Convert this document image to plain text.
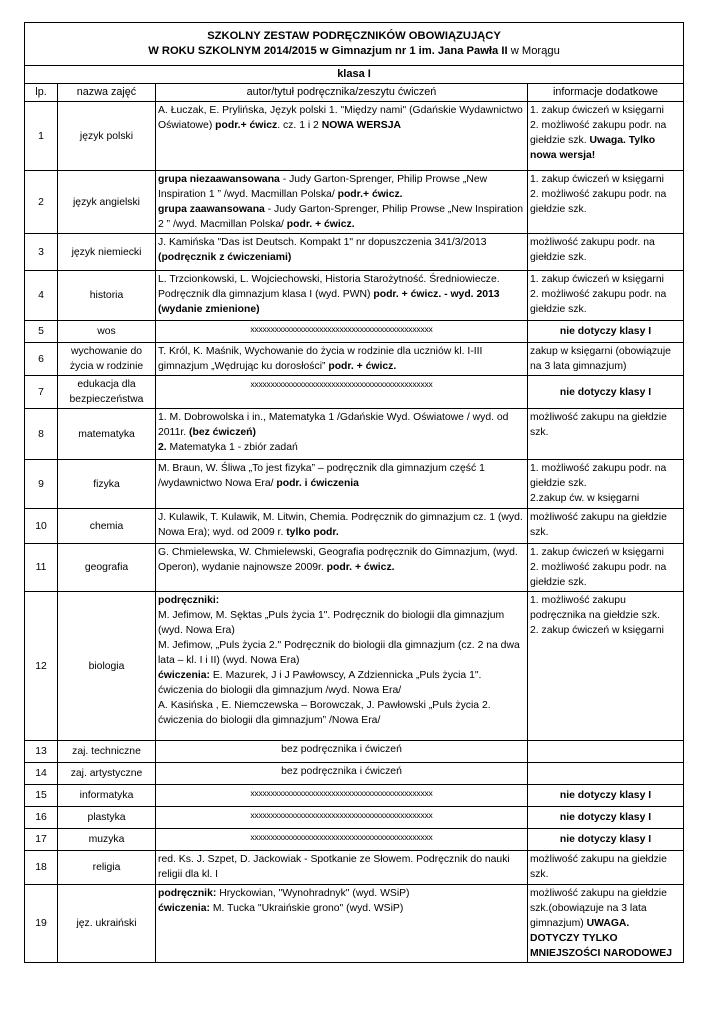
SZKOLNY ZESTAW PODRĘCZNIKÓW OBOWIĄZUJĄCY
W ROKU SZKOLNYM 2014/2015 w Gimnazjum nr 1 im. Jana Pawła II w Morągu			

klasa I			
lp.	nazwa zajęć	autor/tytuł podręcznika/zeszytu ćwiczeń	informacje dodatkowe
1	język polski	A. Łuczak, E. Prylińska, Język polski 1. "Między nami" (Gdańskie Wydawnictwo Oświatowe) podr.+ ćwicz. cz. 1 i 2 NOWA WERSJA	1. zakup ćwiczeń w księgarni
2. możliwość zakupu podr. na giełdzie szk. Uwaga. Tylko nowa wersja!
2	język angielski	grupa niezaawansowana - Judy Garton-Sprenger, Philip Prowse „New Inspiration 1 ” /wyd. Macmillan Polska/ podr.+ ćwicz.
grupa zaawansowana - Judy Garton-Sprenger, Philip Prowse „New Inspiration 2 ” /wyd. Macmillan Polska/ podr. + ćwicz.	1. zakup ćwiczeń w księgarni
2. możliwość zakupu podr. na giełdzie szk.
3	język niemiecki	J. Kamińska "Das ist Deutsch. Kompakt 1" nr dopuszczenia 341/3/2013 (podręcznik z ćwiczeniami)	możliwość zakupu podr. na giełdzie szk.
4	historia	L. Trzcionkowski, L. Wojciechowski, Historia Starożytność. Średniowiecze. Podręcznik dla gimnazjum klasa I (wyd. PWN) podr. + ćwicz. - wyd. 2013 (wydanie zmienione)	1. zakup ćwiczeń w księgarni
2. możliwość zakupu podr. na giełdzie szk.
5	wos	xxxxxxxxxxxxxxxxxxxxxxxxxxxxxxxxxxxxxxxxxxxxx	nie dotyczy klasy I
6	wychowanie do życia w rodzinie	T. Król, K. Maśnik, Wychowanie do życia w rodzinie dla uczniów kl. I-III gimnazjum „Wędrując ku dorosłości” podr. + ćwicz.	zakup w księgarni (obowiązuje na 3 lata gimnazjum)
7	edukacja dla bezpieczeństwa	xxxxxxxxxxxxxxxxxxxxxxxxxxxxxxxxxxxxxxxxxxxxx	nie dotyczy klasy I
8	matematyka	1. M. Dobrowolska i in., Matematyka 1 /Gdańskie Wyd. Oświatowe / wyd. od 2011r. (bez ćwiczeń)
2. Matematyka 1 - zbiór zadań	możliwość zakupu na giełdzie szk.
9	fizyka	M. Braun, W. Śliwa „To jest fizyka” – podręcznik dla gimnazjum część 1 /wydawnictwo Nowa Era/ podr. i ćwiczenia	1. możliwość zakupu podr. na giełdzie szk.
2.zakup ćw. w księgarni
10	chemia	J. Kulawik, T. Kulawik, M. Litwin, Chemia. Podręcznik do gimnazjum cz. 1 (wyd. Nowa Era); wyd. od 2009 r. tylko podr.	możliwość zakupu na giełdzie szk.
11	geografia	G. Chmielewska, W. Chmielewski, Geografia podręcznik do Gimnazjum, (wyd. Operon), wydanie najnowsze 2009r. podr. + ćwicz.	1. zakup ćwiczeń w księgarni
2. możliwość zakupu podr. na giełdzie szk.
12	biologia	podręczniki:
M. Jefimow, M. Sęktas „Puls życia 1". Podręcznik do biologii dla gimnazjum (wyd. Nowa Era)
M. Jefimow, „Puls życia 2." Podręcznik do biologii dla gimnazjum (cz. 2 na dwa lata – kl. I i II) (wyd. Nowa Era)
ćwiczenia: E. Mazurek, J i J Pawłowscy, A Zdziennicka „Puls życia 1". ćwiczenia do biologii dla gimnazjum /wyd. Nowa Era/
A. Kasińska , E. Niemczewska – Borowczak, J. Pawłowski „Puls życia 2. ćwiczenia do biologii dla gimnazjum” /Nowa Era/	1. możliwość zakupu podręcznika na giełdzie szk.
2. zakup ćwiczeń w księgarni
13	zaj. techniczne	bez podręcznika i ćwiczeń	
14	zaj. artystyczne	bez podręcznika i ćwiczeń	
15	informatyka	xxxxxxxxxxxxxxxxxxxxxxxxxxxxxxxxxxxxxxxxxxxxx	nie dotyczy klasy I
16	plastyka	xxxxxxxxxxxxxxxxxxxxxxxxxxxxxxxxxxxxxxxxxxxxx	nie dotyczy klasy I
17	muzyka	xxxxxxxxxxxxxxxxxxxxxxxxxxxxxxxxxxxxxxxxxxxxx	nie dotyczy klasy I
18	religia	red. Ks. J. Szpet, D. Jackowiak - Spotkanie ze Słowem. Podręcznik do nauki religii dla kl. I	możliwość zakupu na giełdzie szk.
19	jęz. ukraiński	podręcznik: Hryckowian, "Wynohradnyk" (wyd. WSiP)
ćwiczenia: M. Tucka "Ukraińskie grono" (wyd. WSiP)	możliwość zakupu na giełdzie szk.(obowiązuje na 3 lata gimnazjum) UWAGA. DOTYCZY TYLKO MNIEJSZOŚCI NARODOWEJ
